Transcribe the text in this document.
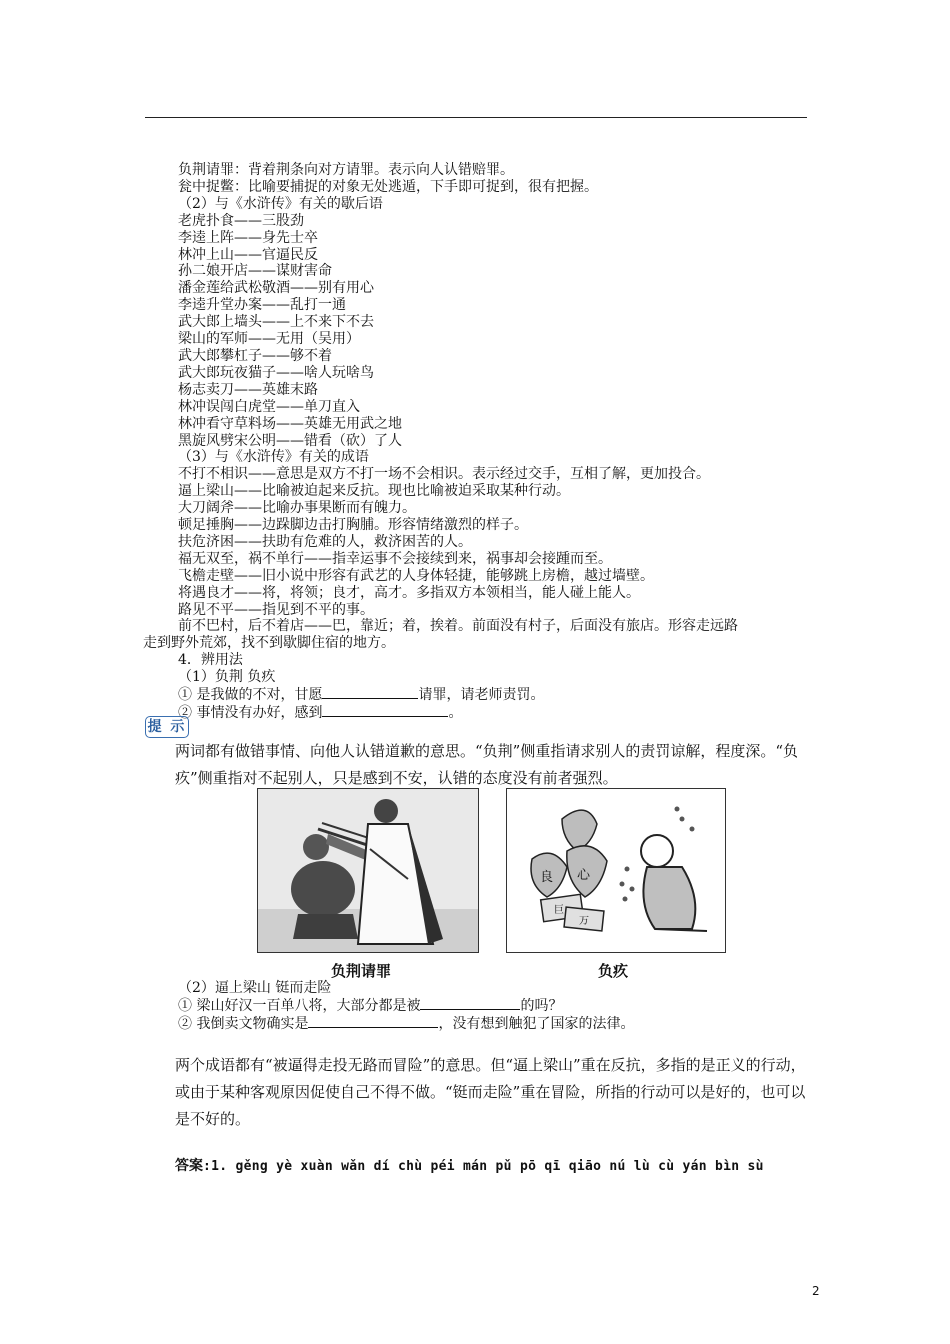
负荆请罪：背着荆条向对方请罪。表示向人认错赔罪。
瓮中捉鳖：比喻要捕捉的对象无处逃遁，下手即可捉到，很有把握。
（2）与《水浒传》有关的歇后语
老虎扑食——三股劲
李逵上阵——身先士卒
林冲上山——官逼民反
孙二娘开店——谋财害命
潘金莲给武松敬酒——别有用心
李逵升堂办案——乱打一通
武大郎上墙头——上不来下不去
梁山的军师——无用（吴用）
武大郎攀杠子——够不着
武大郎玩夜猫子——啥人玩啥鸟
杨志卖刀——英雄末路
林冲误闯白虎堂——单刀直入
林冲看守草料场——英雄无用武之地
黑旋风劈宋公明——错看（砍）了人
（3）与《水浒传》有关的成语
不打不相识——意思是双方不打一场不会相识。表示经过交手，互相了解，更加投合。
逼上梁山——比喻被迫起来反抗。现也比喻被迫采取某种行动。
大刀阔斧——比喻办事果断而有魄力。
顿足捶胸——边跺脚边击打胸脯。形容情绪激烈的样子。
扶危济困——扶助有危难的人，救济困苦的人。
福无双至，祸不单行——指幸运事不会接续到来，祸事却会接踵而至。
飞檐走壁——旧小说中形容有武艺的人身体轻捷，能够跳上房檐，越过墙壁。
将遇良才——将，将领；良才，高才。多指双方本领相当，能人碰上能人。
路见不平——指见到不平的事。
前不巴村，后不着店——巴，靠近；着，挨着。前面没有村子，后面没有旅店。形容走远路
走到野外荒郊，找不到歇脚住宿的地方。
4．辨用法
（1）负荆 负疚
① 是我做的不对，甘愿	请罪，请老师责罚。
② 事情没有办好，感到	。
提 示
两词都有做错事情、向他人认错道歉的意思。“负荆”侧重指请求别人的责罚谅解，程度深。“负疚”侧重指对不起别人，只是感到不安，认错的态度没有前者强烈。
良 心
巨
万
负荆请罪	负疚
（2）逼上梁山 铤而走险
① 梁山好汉一百单八将，大部分都是被	的吗？
② 我倒卖文物确实是	，没有想到触犯了国家的法律。
两个成语都有“被逼得走投无路而冒险”的意思。但“逼上梁山”重在反抗，多指的是正义的行动，或由于某种客观原因促使自己不得不做。“铤而走险”重在冒险，所指的行动可以是好的，也可以是不好的。
答案:1. gěng yè xuàn wǎn dí chù péi mán pǔ pō qī qiāo nú lù cù yán bìn sù
2
